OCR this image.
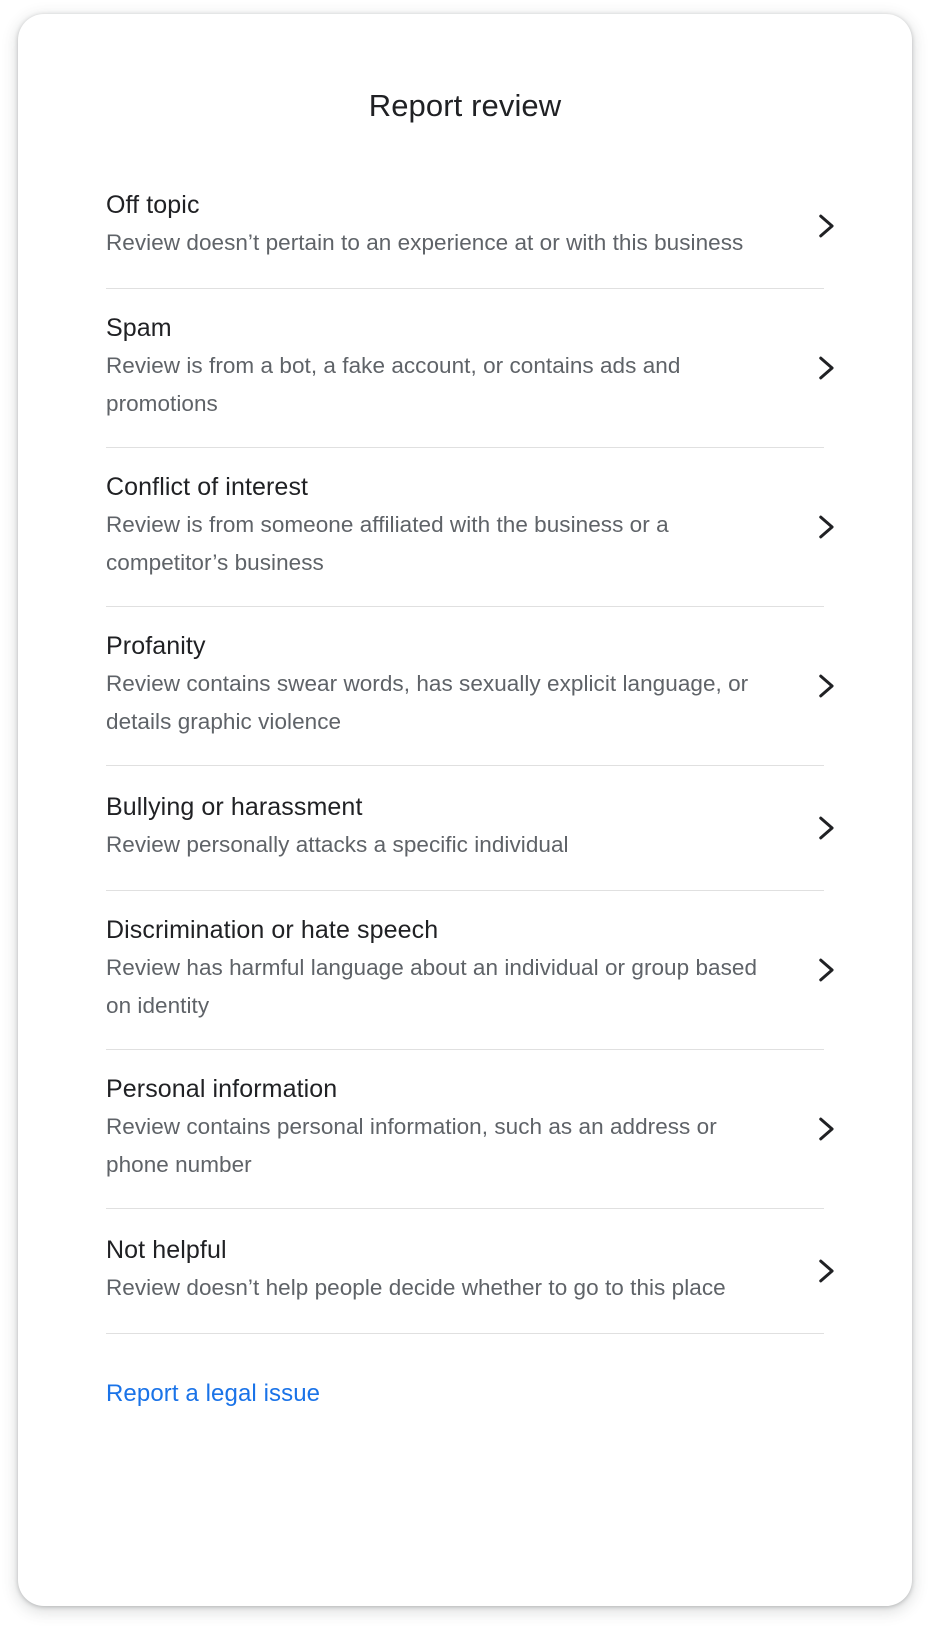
Report review
Off topic
Review doesn’t pertain to an experience at or with this business
Spam
Review is from a bot, a fake account, or contains ads and promotions
Conflict of interest
Review is from someone affiliated with the business or a competitor’s business
Profanity
Review contains swear words, has sexually explicit language, or details graphic violence
Bullying or harassment
Review personally attacks a specific individual
Discrimination or hate speech
Review has harmful language about an individual or group based on identity
Personal information
Review contains personal information, such as an address or phone number
Not helpful
Review doesn’t help people decide whether to go to this place
Report a legal issue
